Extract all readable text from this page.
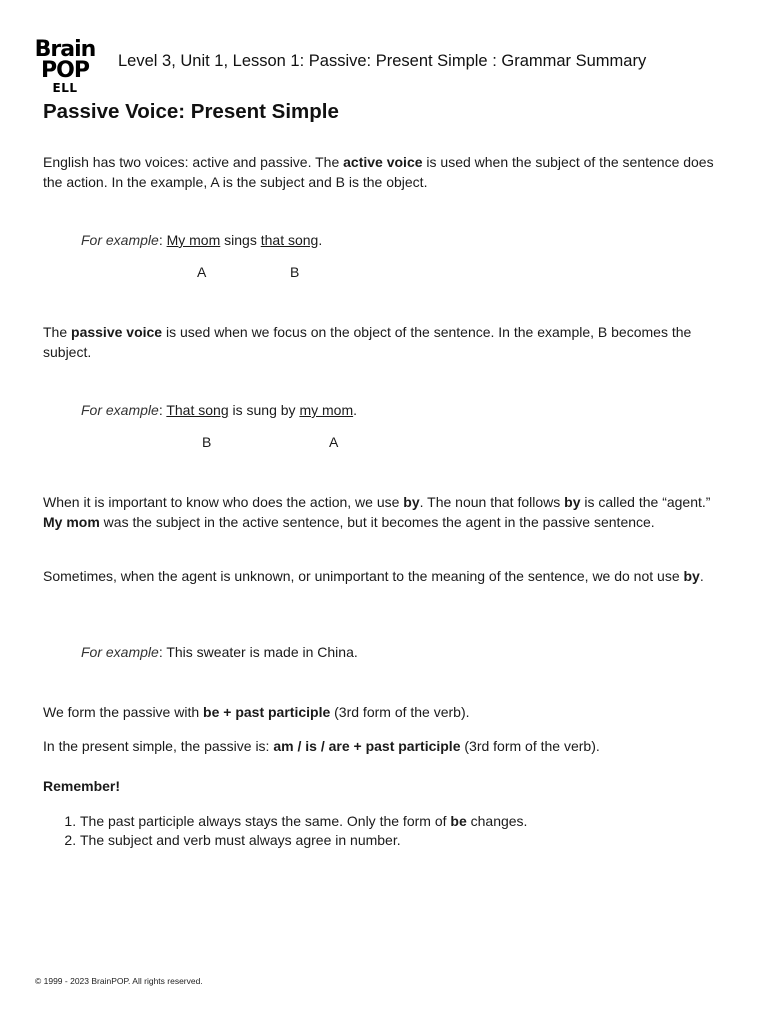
Brain
POP
ELL
Level 3, Unit 1, Lesson 1: Passive: Present Simple : Grammar Summary
Passive Voice: Present Simple

English has two voices: active and passive. The active voice is used when the subject of the sentence does the action. In the example, A is the subject and B is the object.

For example: My mom sings that song.

A	B

The passive voice is used when we focus on the object of the sentence. In the example, B becomes the subject.

For example: That song is sung by my mom.

B	A

When it is important to know who does the action, we use by. The noun that follows by is called the “agent.” My mom was the subject in the active sentence, but it becomes the agent in the passive sentence.

Sometimes, when the agent is unknown, or unimportant to the meaning of the sentence, we do not use by.

For example: This sweater is made in China.

We form the passive with be + past participle (3rd form of the verb).

In the present simple, the passive is: am / is / are + past participle (3rd form of the verb).

Remember!

1. The past participle always stays the same. Only the form of be changes.
2. The subject and verb must always agree in number.
© 1999 - 2023 BrainPOP. All rights reserved.
